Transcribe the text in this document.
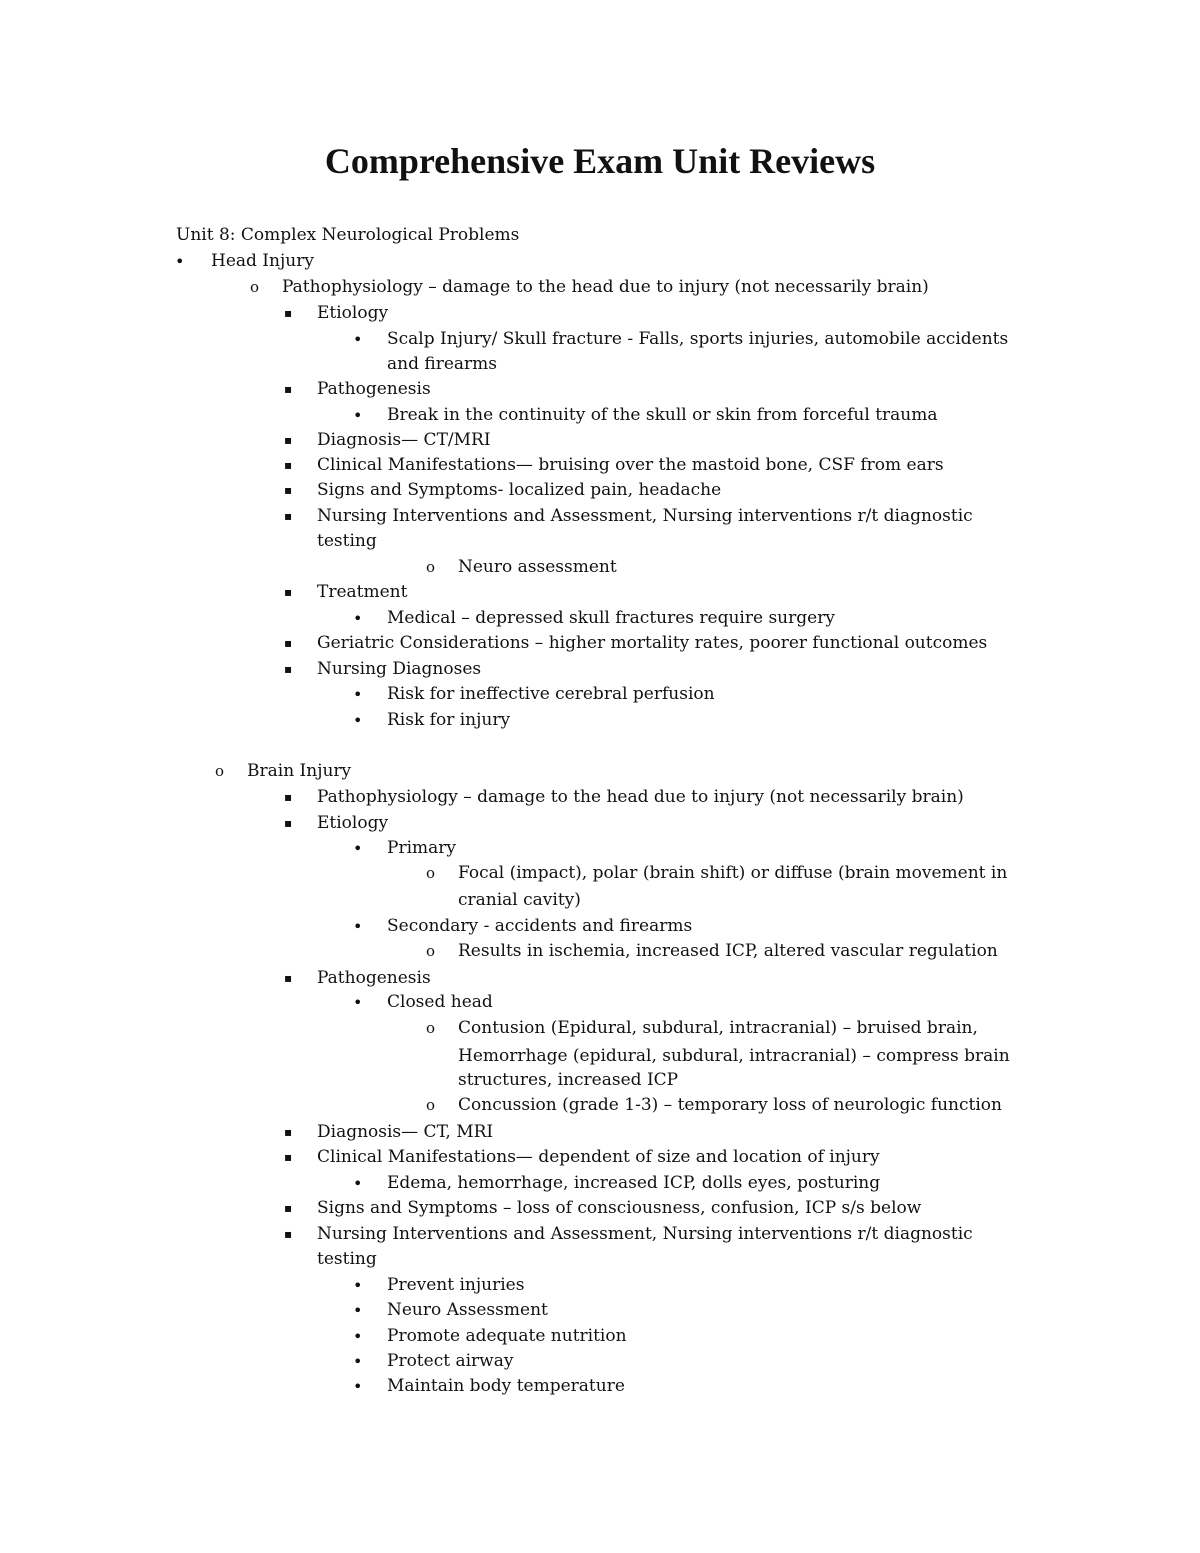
Comprehensive Exam Unit Reviews
Unit 8: Complex Neurological Problems
• Head Injury
o Pathophysiology – damage to the head due to injury (not necessarily brain)
▪ Etiology
• Scalp Injury/ Skull fracture - Falls, sports injuries, automobile accidents
and firearms
▪ Pathogenesis
• Break in the continuity of the skull or skin from forceful trauma
▪ Diagnosis— CT/MRI
▪ Clinical Manifestations— bruising over the mastoid bone, CSF from ears
▪ Signs and Symptoms- localized pain, headache
▪ Nursing Interventions and Assessment, Nursing interventions r/t diagnostic
testing
o Neuro assessment
▪ Treatment
• Medical – depressed skull fractures require surgery
▪ Geriatric Considerations – higher mortality rates, poorer functional outcomes
▪ Nursing Diagnoses
• Risk for ineffective cerebral perfusion
• Risk for injury
o Brain Injury
▪ Pathophysiology – damage to the head due to injury (not necessarily brain)
▪ Etiology
• Primary
o Focal (impact), polar (brain shift) or diffuse (brain movement in
cranial cavity)
• Secondary - accidents and firearms
o Results in ischemia, increased ICP, altered vascular regulation
▪ Pathogenesis
• Closed head
o Contusion (Epidural, subdural, intracranial) – bruised brain,
Hemorrhage (epidural, subdural, intracranial) – compress brain
structures, increased ICP
o Concussion (grade 1-3) – temporary loss of neurologic function
▪ Diagnosis— CT, MRI
▪ Clinical Manifestations— dependent of size and location of injury
• Edema, hemorrhage, increased ICP, dolls eyes, posturing
▪ Signs and Symptoms – loss of consciousness, confusion, ICP s/s below
▪ Nursing Interventions and Assessment, Nursing interventions r/t diagnostic
testing
• Prevent injuries
• Neuro Assessment
• Promote adequate nutrition
• Protect airway
• Maintain body temperature
